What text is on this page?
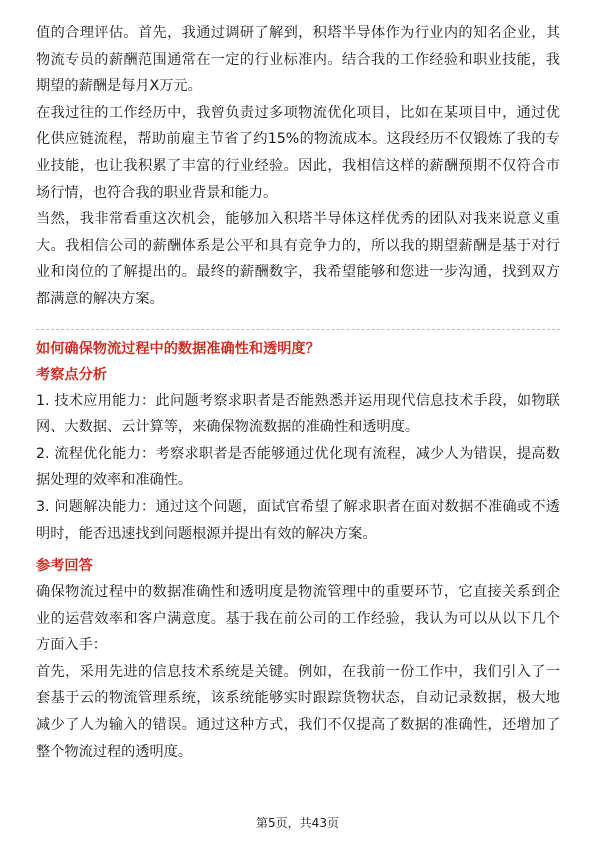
值的合理评估。首先，我通过调研了解到，积塔半导体作为行业内的知名企业，其物流专员的薪酬范围通常在一定的行业标准内。结合我的工作经验和职业技能，我期望的薪酬是每月X万元。

在我过往的工作经历中，我曾负责过多项物流优化项目，比如在某项目中，通过优化供应链流程，帮助前雇主节省了约15%的物流成本。这段经历不仅锻炼了我的专业技能，也让我积累了丰富的行业经验。因此，我相信这样的薪酬预期不仅符合市场行情，也符合我的职业背景和能力。

当然，我非常看重这次机会，能够加入积塔半导体这样优秀的团队对我来说意义重大。我相信公司的薪酬体系是公平和具有竞争力的，所以我的期望薪酬是基于对行业和岗位的了解提出的。最终的薪酬数字，我希望能够和您进一步沟通，找到双方都满意的解决方案。

如何确保物流过程中的数据准确性和透明度？
考察点分析

1. 技术应用能力：此问题考察求职者是否能熟悉并运用现代信息技术手段，如物联网、大数据、云计算等，来确保物流数据的准确性和透明度。

2. 流程优化能力：考察求职者是否能够通过优化现有流程，减少人为错误，提高数据处理的效率和准确性。

3. 问题解决能力：通过这个问题，面试官希望了解求职者在面对数据不准确或不透明时，能否迅速找到问题根源并提出有效的解决方案。

参考回答

确保物流过程中的数据准确性和透明度是物流管理中的重要环节，它直接关系到企业的运营效率和客户满意度。基于我在前公司的工作经验，我认为可以从以下几个方面入手：

首先，采用先进的信息技术系统是关键。例如，在我前一份工作中，我们引入了一套基于云的物流管理系统，该系统能够实时跟踪货物状态，自动记录数据，极大地减少了人为输入的错误。通过这种方式，我们不仅提高了数据的准确性，还增加了整个物流过程的透明度。

第5页，共43页
